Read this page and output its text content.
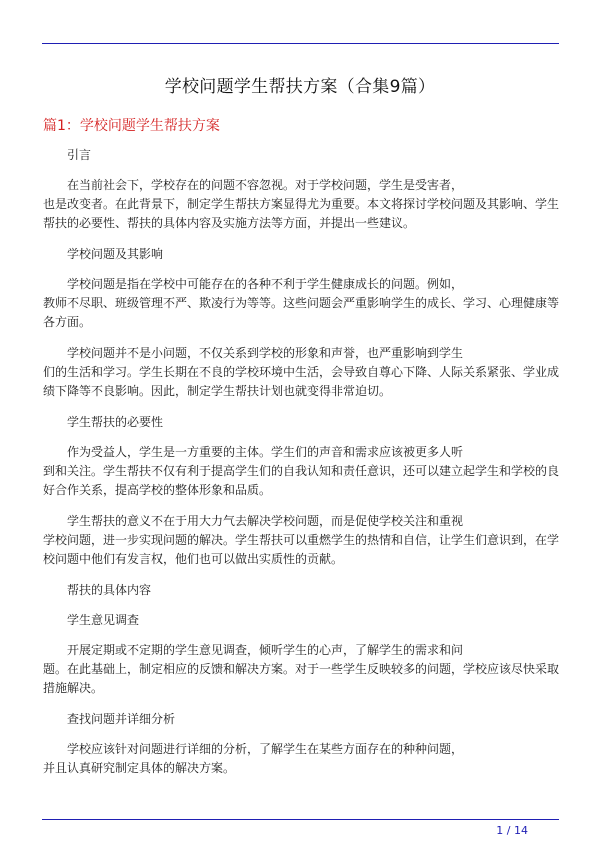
学校问题学生帮扶方案（合集9篇）
篇1：学校问题学生帮扶方案

引言

在当前社会下，学校存在的问题不容忽视。对于学校问题，学生是受害者，
也是改变者。在此背景下，制定学生帮扶方案显得尤为重要。本文将探讨学校问题及其影响、学生帮扶的必要性、帮扶的具体内容及实施方法等方面，并提出一些建议。

学校问题及其影响

学校问题是指在学校中可能存在的各种不利于学生健康成长的问题。例如，
教师不尽职、班级管理不严、欺凌行为等等。这些问题会严重影响学生的成长、学习、心理健康等各方面。

学校问题并不是小问题，不仅关系到学校的形象和声誉，也严重影响到学生
们的生活和学习。学生长期在不良的学校环境中生活，会导致自尊心下降、人际关系紧张、学业成绩下降等不良影响。因此，制定学生帮扶计划也就变得非常迫切。

学生帮扶的必要性

作为受益人，学生是一方重要的主体。学生们的声音和需求应该被更多人听
到和关注。学生帮扶不仅有利于提高学生们的自我认知和责任意识，还可以建立起学生和学校的良好合作关系，提高学校的整体形象和品质。

学生帮扶的意义不在于用大力气去解决学校问题，而是促使学校关注和重视
学校问题，进一步实现问题的解决。学生帮扶可以重燃学生的热情和自信，让学生们意识到，在学校问题中他们有发言权，他们也可以做出实质性的贡献。

帮扶的具体内容

学生意见调查

开展定期或不定期的学生意见调查，倾听学生的心声，了解学生的需求和问
题。在此基础上，制定相应的反馈和解决方案。对于一些学生反映较多的问题，学校应该尽快采取措施解决。

查找问题并详细分析

学校应该针对问题进行详细的分析，了解学生在某些方面存在的种种问题，
并且认真研究制定具体的解决方案。

1 / 14
